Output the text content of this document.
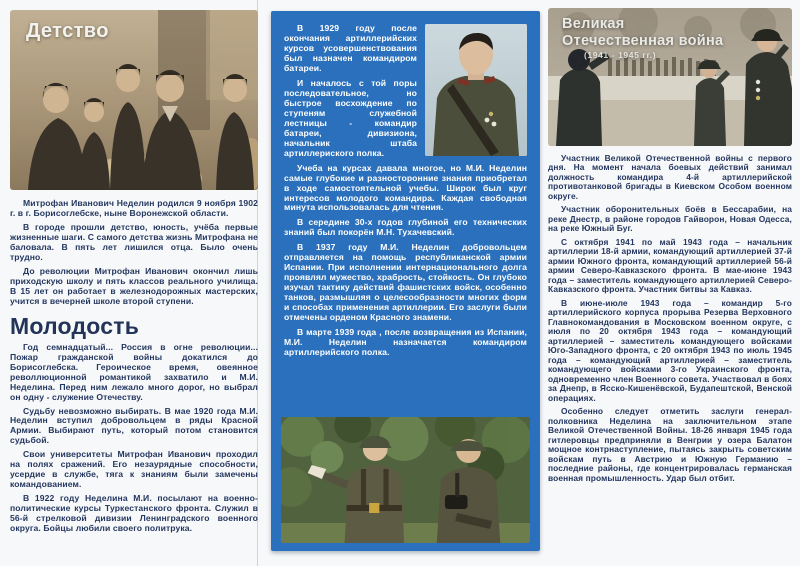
Детство

Митрофан Иванович Неделин родился 9 ноября 1902 г. в г. Борисоглебске, ныне Воронежской области.

В городе прошли детство, юность, учёба первые жизненные шаги. С самого детства жизнь Митрофана не баловала. В пять лет лишился отца. Было очень трудно.

До революции Митрофан Иванович окончил лишь приходскую школу и пять классов реального училища. В 15 лет он работает в железнодорожных мастерских, учится в вечерней школе второй ступени.

Молодость

Год семнадцатый... Россия в огне революции... Пожар гражданской войны докатился до Борисоглебска. Героическое время, овеянное револлюционной романтикой захватило и М.И. Неделина. Перед ним лежало много дорог, но выбрал он одну - служение Отечеству.

Судьбу невозможно выбирать. В мае 1920 года М.И. Неделин вступил добровольцем в ряды Красной Армии. Выбирают путь, который потом становится судьбой.

Свои университеты Митрофан Иванович проходил на полях сражений. Его незаурядные способности, усердие в службе, тяга к знаниям были замечены командованием.

В 1922 году Неделина М.И. посылают на военно-политические курсы Туркестанского фронта. Служил в 56-й стрелковой дивизии Ленинградского военного округа. Бойцы любили своего политрука.

В 1929 году после окончания артиллерийских курсов усовершенствования был назначен командиром батареи.

И началось с той поры последовательное, но быстрое восхождение по ступеням служебной лестницы - командир батареи, дивизиона, начальник штаба артиллериского полка.

Учеба на курсах давала многое, но М.И. Неделин самые глубокие и разносторонние знания приобретал в ходе самостоятельной учебы. Широк был круг интересов молодого командира. Каждая свободная минута использовалась для чтения.

В середине 30-х годов глубиной его технических знаний был покорён М.Н. Тухачевский.

В 1937 году М.И. Неделин добровольцем отправляется на помощь республиканской армии Испании. При исполнении интернационального долга проявлял мужество, храбрость, стойкость. Он глубоко изучал тактику действий фашистских войск, особенно танков, размышляя о целесообразности многих форм и способах применения артиллерии. Его заслуги были отмечены орденом Красного знамени.

В марте 1939 года , после возвращения из Испании, М.И. Неделин назначается командиром артиллерийского полка.

Великая
Отечественная война
(1941 - 1945 гг.)

Участник Великой Отечественной войны с первого дня. На момент начала боевых действий занимал должность командира 4-й артиллерийской противотанковой бригады в Киевском Особом военном округе.

Участник оборонительных боёв в Бессарабии, на реке Днестр, в районе городов Гайворон, Новая Одесса, на реке Южный Буг.

С октября 1941 по май 1943 года – начальник артиллерии 18-й армии, командующий артиллерией 37-й армии Южного фронта, командующий артиллерией 56-й армии Северо-Кавказского фронта. В мае-июне 1943 года – заместитель командующего артиллерией Северо-Кавказского фронта. Участник битвы за Кавказ.

В июне-июле 1943 года – командир 5-го артиллерийского корпуса прорыва Резерва Верховного Главнокомандования в Московском военном округе, с июля по 20 октября 1943 года – командующий артиллерией – заместитель командующего войсками Юго-Западного фронта, с 20 октября 1943 по июль 1945 года – командующий артиллерией – заместитель командующего войсками 3-го Украинского фронта, одновременно член Военного совета. Участвовал в боях за Днепр, в Ясско-Кишенёвской, Будапештской, Венской операциях.

Особенно следует отметить заслуги генерал-полковника Неделина на заключительном этапе Великой Отечественной Войны. 18-26 января 1945 года гитлеровцы предприняли в Венгрии у озера Балатон мощное контрнаступление, пытаясь закрыть советским войскам путь в Австрию и Южную Германию – последние районы, где концентрировалась германская военная промышленность. Удар был отбит.
